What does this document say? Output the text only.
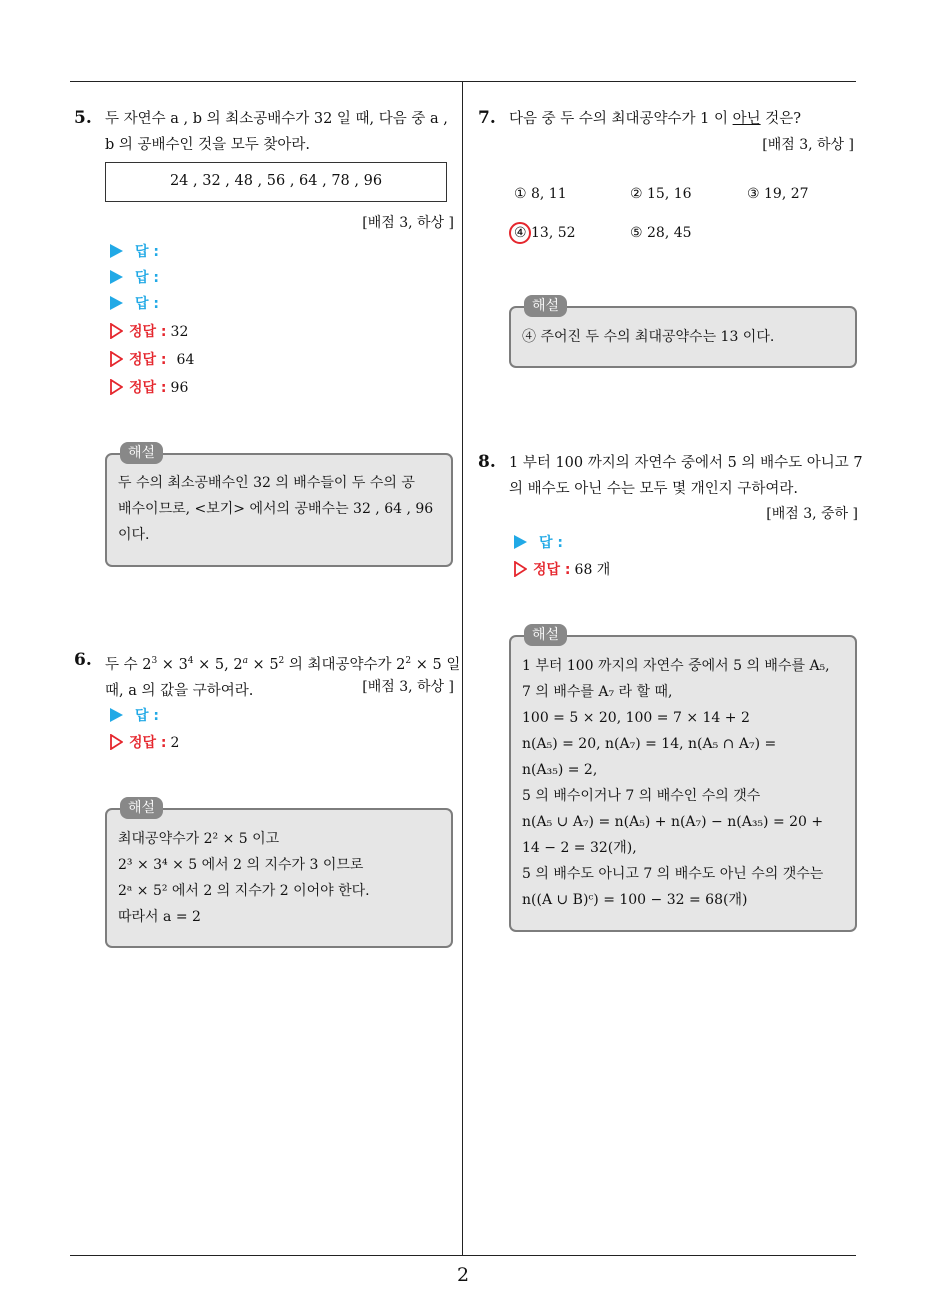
2
5. 두 자연수 a , b 의 최소공배수가 32 일 때, 다음 중 a ,
b 의 공배수인 것을 모두 찾아라.
24 , 32 , 48 , 56 , 64 , 78 , 96
[배점 3, 하상 ]
답 :
답 :
답 :
정답 : 32
정답 : 64
정답 : 96
해설
두 수의 최소공배수인 32 의 배수들이 두 수의 공
배수이므로, <보기> 에서의 공배수는 32 , 64 , 96
이다.
6. 두 수 $2^3 \times 3^4 \times 5$, $2^a \times 5^2$ 의 최대공약수가 $2^2 \times 5$ 일
때, a 의 값을 구하여라.	[배점 3, 하상 ]
답 :
정답 : 2
해설
최대공약수가 2² × 5 이고
2³ × 3⁴ × 5 에서 2 의 지수가 3 이므로
2ᵃ × 5² 에서 2 의 지수가 2 이어야 한다.
따라서 a = 2
7. 다음 중 두 수의 최대공약수가 1 이 아닌 것은?
[배점 3, 하상 ]
① 8, 11	② 15, 16	③ 19, 27
④ 13, 52	⑤ 28, 45
해설
④ 주어진 두 수의 최대공약수는 13 이다.
8. 1 부터 100 까지의 자연수 중에서 5 의 배수도 아니고 7
의 배수도 아닌 수는 모두 몇 개인지 구하여라.
[배점 3, 중하 ]
답 :
정답 : 68 개
해설
1 부터 100 까지의 자연수 중에서 5 의 배수를 A₅,
7 의 배수를 A₇ 라 할 때,
100 = 5 × 20, 100 = 7 × 14 + 2
n(A₅) = 20, n(A₇) = 14, n(A₅ ∩ A₇) =
n(A₃₅) = 2,
5 의 배수이거나 7 의 배수인 수의 갯수
n(A₅ ∪ A₇) = n(A₅) + n(A₇) − n(A₃₅) = 20 +
14 − 2 = 32(개),
5 의 배수도 아니고 7 의 배수도 아닌 수의 갯수는
n((A ∪ B)ᶜ) = 100 − 32 = 68(개)
